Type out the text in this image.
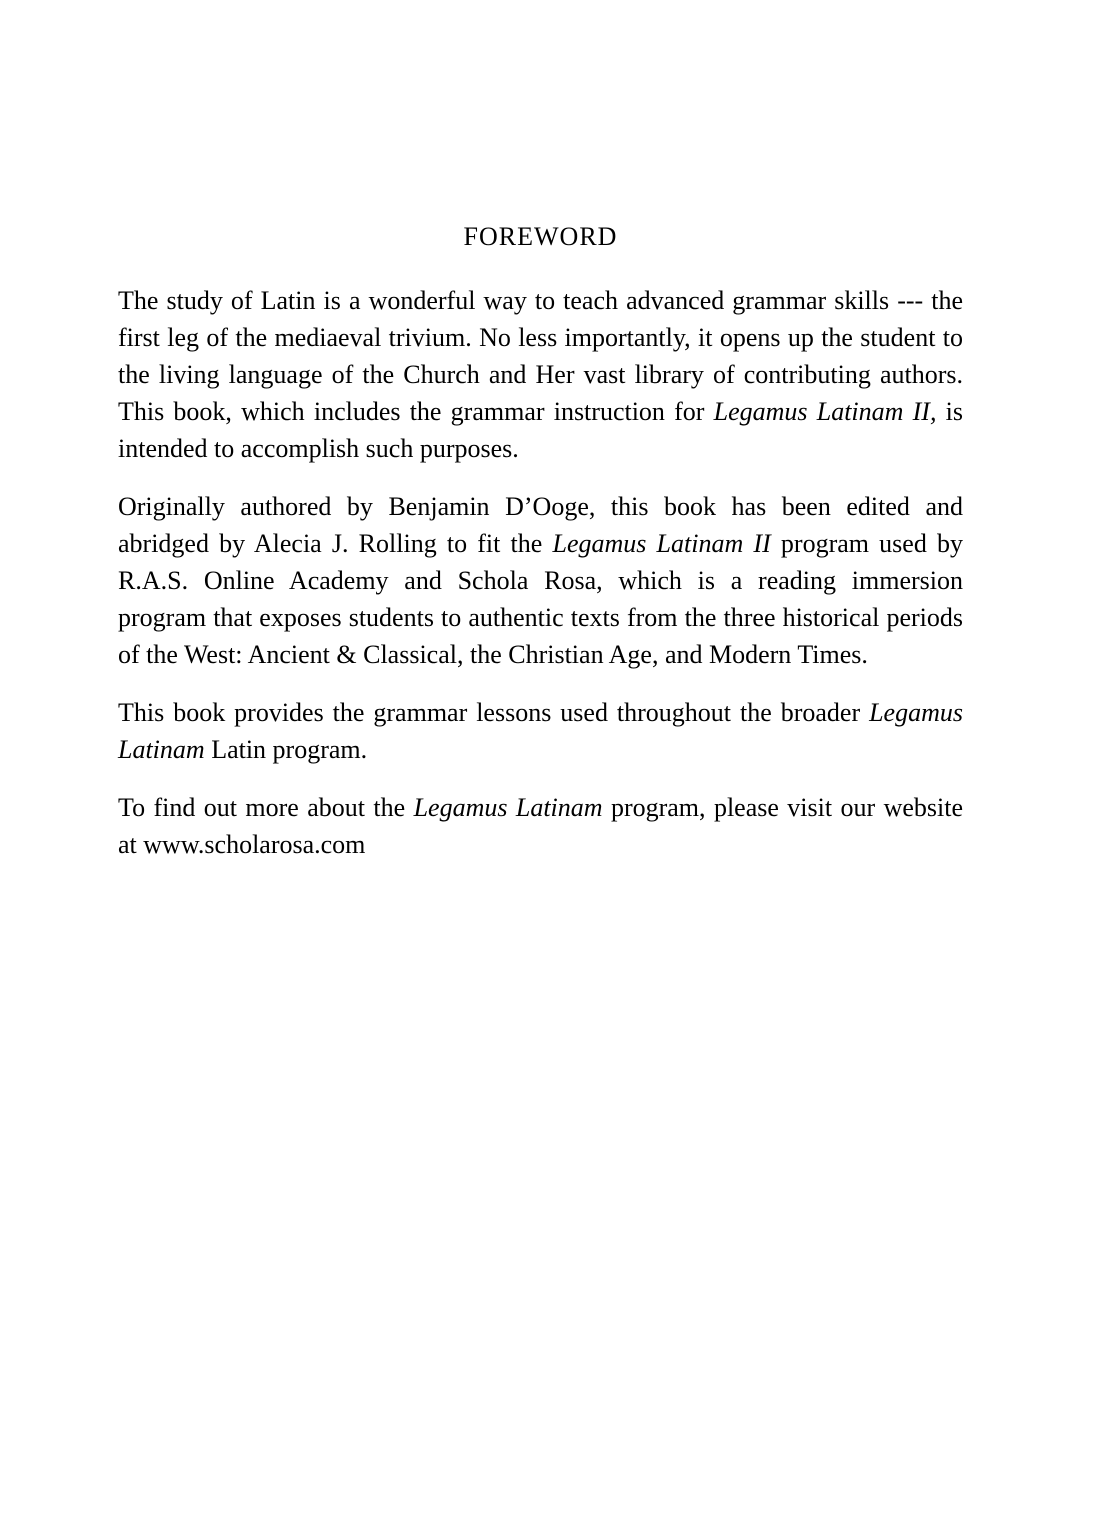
FOREWORD

The study of Latin is a wonderful way to teach advanced grammar skills --- the first leg of the mediaeval trivium. No less importantly, it opens up the student to the living language of the Church and Her vast library of contributing authors. This book, which includes the grammar instruction for Legamus Latinam II, is intended to accomplish such purposes.

Originally authored by Benjamin D’Ooge, this book has been edited and abridged by Alecia J. Rolling to fit the Legamus Latinam II program used by R.A.S. Online Academy and Schola Rosa, which is a reading immersion program that exposes students to authentic texts from the three historical periods of the West: Ancient & Classical, the Christian Age, and Modern Times.

This book provides the grammar lessons used throughout the broader Legamus Latinam Latin program.

To find out more about the Legamus Latinam program, please visit our website at www.scholarosa.com
